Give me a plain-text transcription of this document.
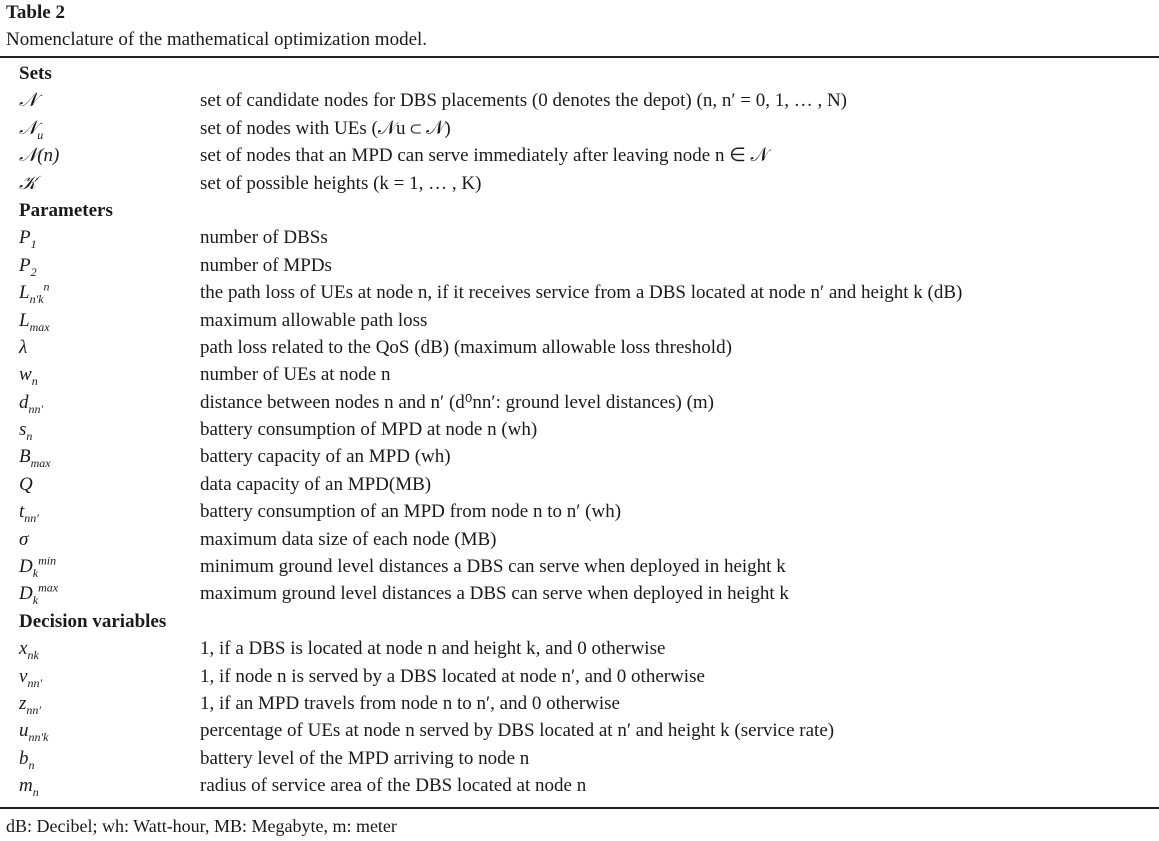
Table 2
Nomenclature of the mathematical optimization model.
Sets
𝒩	set of candidate nodes for DBS placements (0 denotes the depot) (n, n′ = 0, 1, … , N)
𝒩$_u$	set of nodes with UEs (𝒩u ⊂ 𝒩)
𝒩(n)	set of nodes that an MPD can serve immediately after leaving node n ∈ 𝒩
𝒦	set of possible heights (k = 1, … , K)
Parameters
$P_1$	number of DBSs
$P_2$	number of MPDs
$L_{n'k}^n$	the path loss of UEs at node n, if it receives service from a DBS located at node n′ and height k (dB)
$L_{max}$	maximum allowable path loss
λ	path loss related to the QoS (dB) (maximum allowable loss threshold)
$w_n$	number of UEs at node n
$d_{nn'}$	distance between nodes n and n′ (d⁰nn′: ground level distances) (m)
$s_n$	battery consumption of MPD at node n (wh)
$B_{max}$	battery capacity of an MPD (wh)
Q	data capacity of an MPD(MB)
$t_{nn'}$	battery consumption of an MPD from node n to n′ (wh)
σ	maximum data size of each node (MB)
$D_k^{min}$	minimum ground level distances a DBS can serve when deployed in height k
$D_k^{max}$	maximum ground level distances a DBS can serve when deployed in height k
Decision variables
$x_{nk}$	1, if a DBS is located at node n and height k, and 0 otherwise
$v_{nn'}$	1, if node n is served by a DBS located at node n′, and 0 otherwise
$z_{nn'}$	1, if an MPD travels from node n to n′, and 0 otherwise
$u_{nn'k}$	percentage of UEs at node n served by DBS located at n′ and height k (service rate)
$b_n$	battery level of the MPD arriving to node n
$m_n$	radius of service area of the DBS located at node n
dB: Decibel; wh: Watt-hour, MB: Megabyte, m: meter
